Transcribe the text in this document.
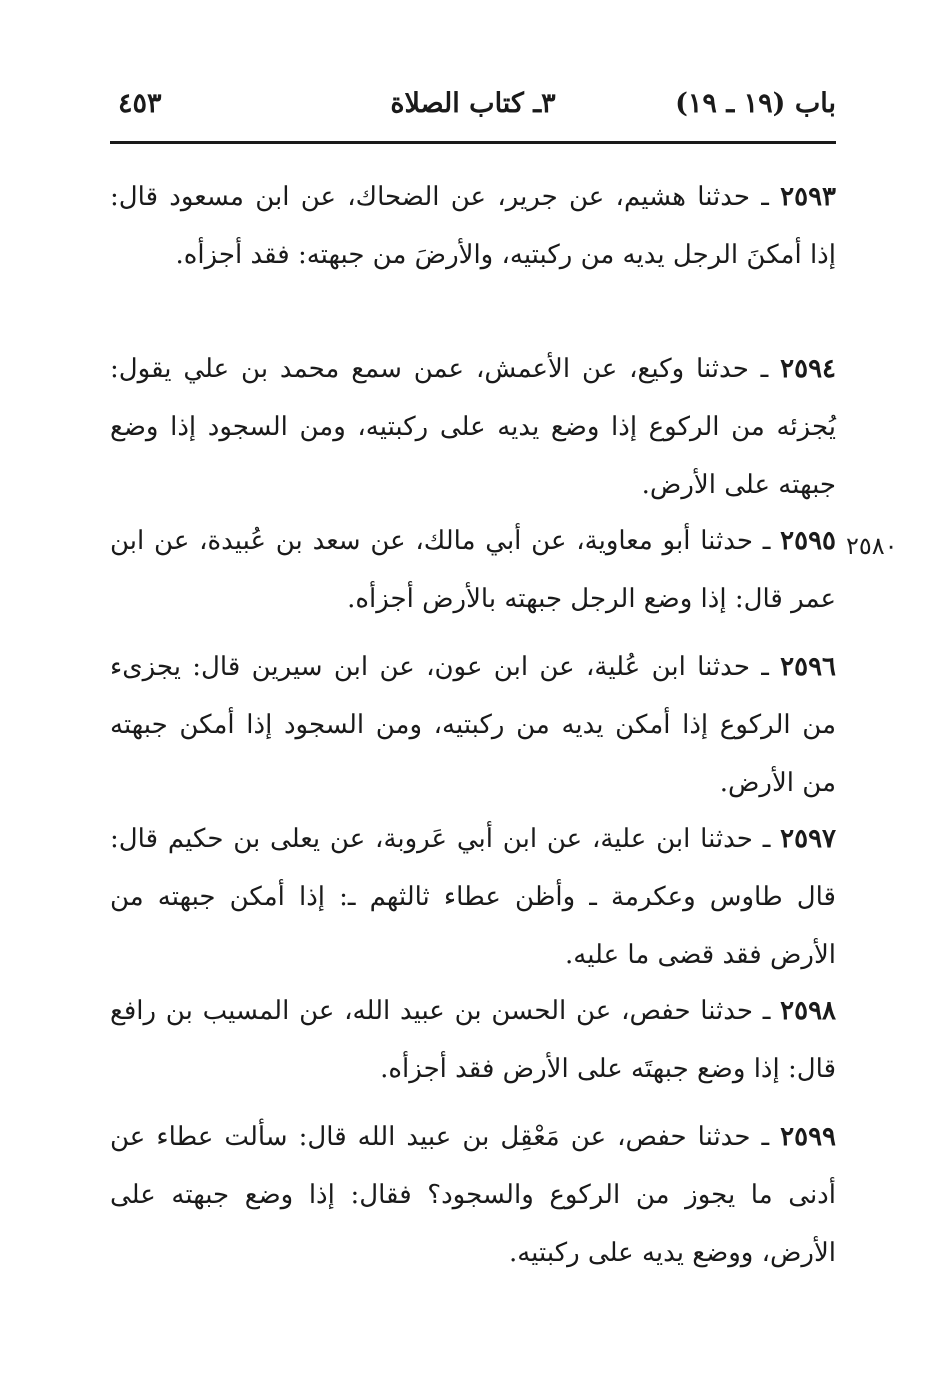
باب (١٩ ـ ١٩)
٣ـ كتاب الصلاة
٤٥٣
٢٥٨٠

٢٥٩٣ ـ حدثنا هشيم، عن جرير، عن الضحاك، عن ابن مسعود قال: إذا أمكنَ الرجل يديه من ركبتيه، والأرضَ من جبهته: فقد أجزأه.

٢٥٩٤ ـ حدثنا وكيع، عن الأعمش، عمن سمع محمد بن علي يقول: يُجزئه من الركوع إذا وضع يديه على ركبتيه، ومن السجود إذا وضع جبهته على الأرض.

٢٥٩٥ ـ حدثنا أبو معاوية، عن أبي مالك، عن سعد بن عُبيدة، عن ابن عمر قال: إذا وضع الرجل جبهته بالأرض أجزأه.

٢٥٩٦ ـ حدثنا ابن عُلية، عن ابن عون، عن ابن سيرين قال: يجزىء من الركوع إذا أمكن يديه من ركبتيه، ومن السجود إذا أمكن جبهته من الأرض.

٢٥٩٧ ـ حدثنا ابن علية، عن ابن أبي عَروبة، عن يعلى بن حكيم قال: قال طاوس وعكرمة ـ وأظن عطاء ثالثهم ـ: إذا أمكن جبهته من الأرض فقد قضى ما عليه.

٢٥٩٨ ـ حدثنا حفص، عن الحسن بن عبيد الله، عن المسيب بن رافع قال: إذا وضع جبهتَه على الأرض فقد أجزأه.

٢٥٩٩ ـ حدثنا حفص، عن مَعْقِل بن عبيد الله قال: سألت عطاء عن أدنى ما يجوز من الركوع والسجود؟ فقال: إذا وضع جبهته على الأرض، ووضع يديه على ركبتيه.
